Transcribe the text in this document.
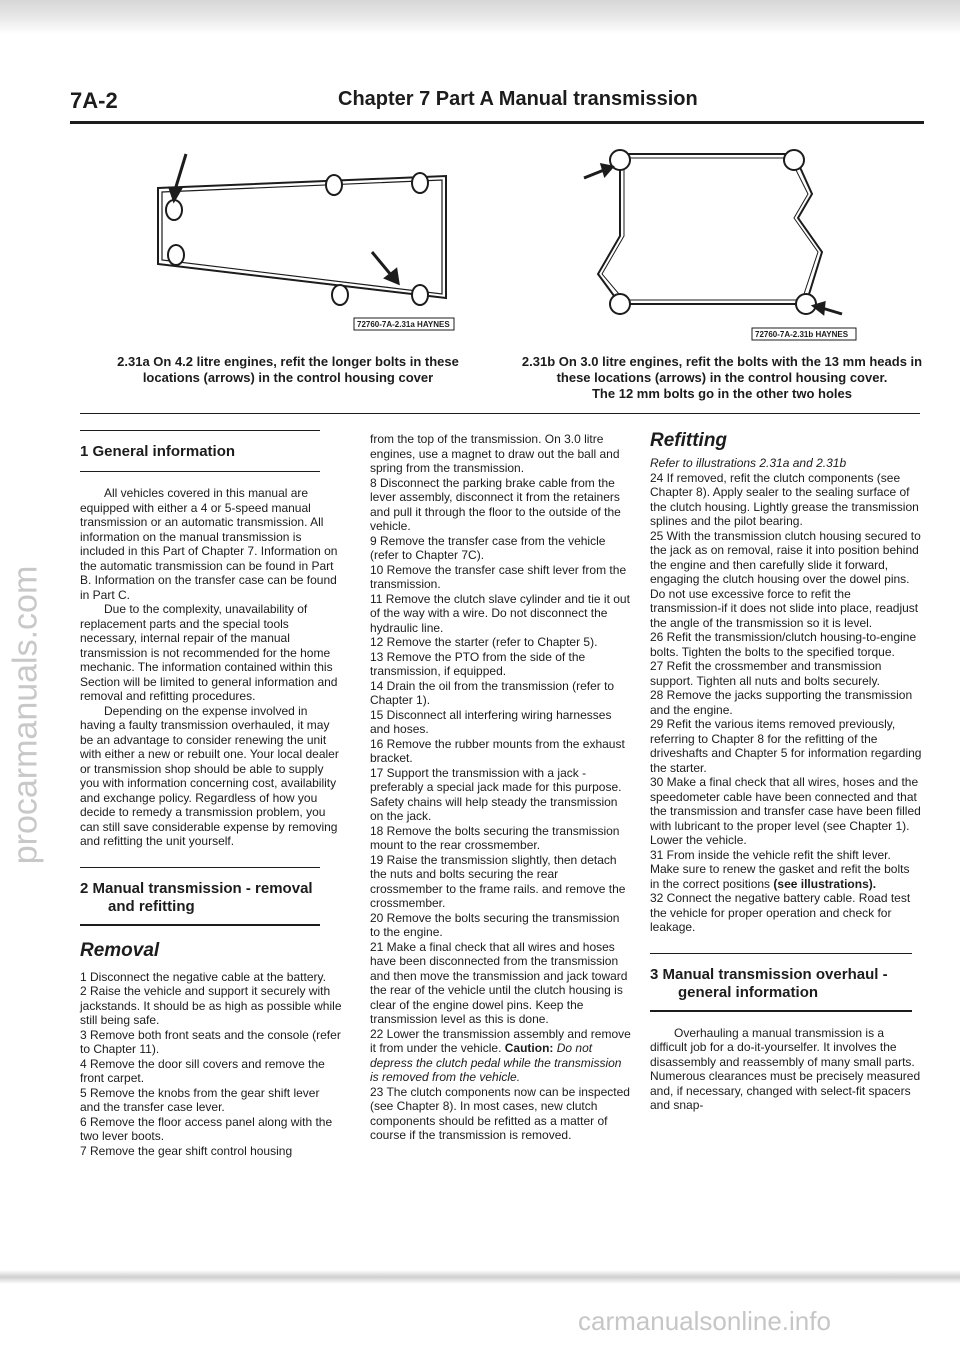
7A-2	Chapter 7 Part A Manual transmission
72760-7A-2.31a HAYNES
72760-7A-2.31b HAYNES
2.31a On 4.2 litre engines, refit the longer bolts in these
locations (arrows) in the control housing cover
2.31b On 3.0 litre engines, refit the bolts with the 13 mm heads in
these locations (arrows) in the control housing cover.
The 12 mm bolts go in the other two holes
1 General information

All vehicles covered in this manual are equipped with either a 4 or 5-speed manual transmission or an automatic transmission. All information on the manual transmission is included in this Part of Chapter 7. Information on the automatic transmission can be found in Part B. Information on the transfer case can be found in Part C.

Due to the complexity, unavailability of replacement parts and the special tools necessary, internal repair of the manual transmission is not recommended for the home mechanic. The information contained within this Section will be limited to general information and removal and refitting procedures.

Depending on the expense involved in having a faulty transmission overhauled, it may be an advantage to consider renewing the unit with either a new or rebuilt one. Your local dealer or transmission shop should be able to supply you with information concerning cost, availability and exchange policy. Regardless of how you decide to remedy a transmission problem, you can still save considerable expense by removing and refitting the unit yourself.

2 Manual transmission - removal
and refitting
Removal

1 Disconnect the negative cable at the battery.

2 Raise the vehicle and support it securely with jackstands. It should be as high as possible while still being safe.

3 Remove both front seats and the console (refer to Chapter 11).

4 Remove the door sill covers and remove the front carpet.

5 Remove the knobs from the gear shift lever and the transfer case lever.

6 Remove the floor access panel along with the two lever boots.

7 Remove the gear shift control housing

from the top of the transmission. On 3.0 litre engines, use a magnet to draw out the ball and spring from the transmission.

8 Disconnect the parking brake cable from the lever assembly, disconnect it from the retainers and pull it through the floor to the outside of the vehicle.

9 Remove the transfer case from the vehicle (refer to Chapter 7C).

10 Remove the transfer case shift lever from the transmission.

11 Remove the clutch slave cylinder and tie it out of the way with a wire. Do not disconnect the hydraulic line.

12 Remove the starter (refer to Chapter 5).

13 Remove the PTO from the side of the transmission, if equipped.

14 Drain the oil from the transmission (refer to Chapter 1).

15 Disconnect all interfering wiring harnesses and hoses.

16 Remove the rubber mounts from the exhaust bracket.

17 Support the transmission with a jack - preferably a special jack made for this purpose. Safety chains will help steady the transmission on the jack.

18 Remove the bolts securing the transmission mount to the rear crossmember.

19 Raise the transmission slightly, then detach the nuts and bolts securing the rear crossmember to the frame rails. and remove the crossmember.

20 Remove the bolts securing the transmission to the engine.

21 Make a final check that all wires and hoses have been disconnected from the transmission and then move the transmission and jack toward the rear of the vehicle until the clutch housing is clear of the engine dowel pins. Keep the transmission level as this is done.

22 Lower the transmission assembly and remove it from under the vehicle. Caution: Do not depress the clutch pedal while the transmission is removed from the vehicle.

23 The clutch components now can be inspected (see Chapter 8). In most cases, new clutch components should be refitted as a matter of course if the transmission is removed.

Refitting

Refer to illustrations 2.31a and 2.31b

24 If removed, refit the clutch components (see Chapter 8). Apply sealer to the sealing surface of the clutch housing. Lightly grease the transmission splines and the pilot bearing.

25 With the transmission clutch housing secured to the jack as on removal, raise it into position behind the engine and then carefully slide it forward, engaging the clutch housing over the dowel pins. Do not use excessive force to refit the transmission-if it does not slide into place, readjust the angle of the transmission so it is level.

26 Refit the transmission/clutch housing-to-engine bolts. Tighten the bolts to the specified torque.

27 Refit the crossmember and transmission support. Tighten all nuts and bolts securely.

28 Remove the jacks supporting the transmission and the engine.

29 Refit the various items removed previously, referring to Chapter 8 for the refitting of the driveshafts and Chapter 5 for information regarding the starter.

30 Make a final check that all wires, hoses and the speedometer cable have been connected and that the transmission and transfer case have been filled with lubricant to the proper level (see Chapter 1). Lower the vehicle.

31 From inside the vehicle refit the shift lever. Make sure to renew the gasket and refit the bolts in the correct positions (see illustrations).

32 Connect the negative battery cable. Road test the vehicle for proper operation and check for leakage.

3 Manual transmission overhaul -
general information

Overhauling a manual transmission is a difficult job for a do-it-yourselfer. It involves the disassembly and reassembly of many small parts. Numerous clearances must be precisely measured and, if necessary, changed with select-fit spacers and snap-

procarmanuals.com
carmanualsonline.info
